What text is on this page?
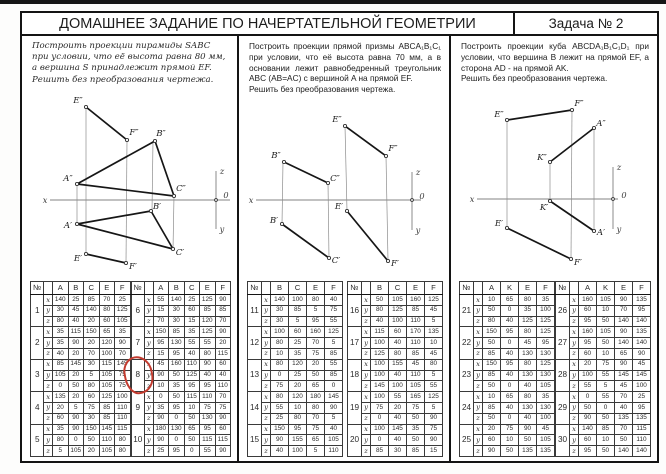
ДОМАШНЕЕ ЗАДАНИЕ ПО НАЧЕРТАТЕЛЬНОЙ ГЕОМЕТРИИ	Задача № 2
Построить проекции пирамиды SABC при условии, что её высота равна 80 мм, а вершина S принадлежит прямой EF.
Решить без преобразования чертежа.
№		A	B	C	E	F
1	x	140	25	85	70	25
	y	30	45	140	80	125
	z	80	40	20	60	105
2	x	35	115	150	65	35
	y	35	90	20	120	90
	z	40	20	70	100	70
3	x	85	145	30	115	145
	y	105	20	5	105	75
	z	0	50	80	105	75
4	x	135	20	60	125	100
	y	20	5	75	85	110
	z	60	90	30	85	110
5	x	35	90	150	145	115
	y	80	0	50	110	80
	z	5	105	20	105	80
№		A	B	C	E	F
6	x	55	140	25	125	90
	y	15	30	60	85	85
	z	70	30	15	120	70
7	x	150	85	35	125	90
	y	95	130	55	55	20
	z	15	95	40	80	115
8	x	45	160	110	90	60
	y	90	50	125	40	40
	z	10	35	95	95	110
9	x	0	50	115	110	70
	y	35	95	10	75	75
	z	90	0	50	130	90
10	x	180	130	65	95	60
	y	90	0	50	115	115
	z	25	95	0	55	90
Построить проекции прямой призмы ABCA₁B₁C₁ при условии, что её высота равна 70 мм, а в основании лежит равнобедренный треугольник ABC (AB=AC) с вершиной A на прямой EF.
Решить без преобразования чертежа.
№		B	C	E	F
11	x	140	100	80	40
	y	30	85	5	75
	z	30	5	95	55
12	x	100	60	160	125
	y	80	25	70	5
	z	10	35	75	85
13	x	80	120	20	55
	y	0	25	50	85
	z	75	20	65	0
14	x	80	120	180	145
	y	55	10	80	90
	z	25	80	70	5
15	x	150	95	75	40
	y	90	155	65	105
	z	40	100	5	110
№		B	C	E	F
16	x	50	105	160	125
	y	80	125	85	45
	z	40	100	110	5
17	x	115	60	170	135
	y	100	40	110	10
	z	125	80	85	45
18	x	100	155	45	80
	y	100	40	110	5
	z	145	100	105	55
19	x	100	55	165	125
	y	75	20	75	5
	z	0	40	50	90
20	x	100	145	35	75
	y	0	40	50	90
	z	85	30	85	15
Построить проекции куба ABCDA₁B₁C₁D₁ при условии, что вершина B лежит на прямой EF, а сторона AD - на прямой AK.
Решить без преобразования чертежа.
№		A	K	E	F
21	x	10	65	80	35
	y	50	0	35	100
	z	80	40	125	125
22	x	150	95	80	125
	y	50	0	45	95
	z	85	40	130	130
23	x	150	95	80	125
	y	85	40	130	130
	z	50	0	40	105
24	x	10	65	80	35
	y	85	40	130	130
	z	50	0	40	100
25	x	20	75	90	45
	y	60	10	50	105
	z	90	50	135	135
№		A	K	E	F
26	x	160	105	90	135
	y	60	10	70	95
	z	95	50	140	140
27	x	160	105	90	135
	y	95	50	140	140
	z	60	10	65	90
28	x	20	75	90	45
	y	100	55	145	145
	z	55	5	45	100
29	x	0	55	70	25
	y	50	0	40	95
	z	90	50	135	135
30	x	140	85	70	115
	y	60	10	50	110
	z	95	50	140	140
x
z
0
y
E″
F″ B″
A″
C″
B′
A′
C′
E′
F′
x
z
0
y
E″
F″
B″
C″
E′
B′
C′	F′
x
z
0
y
F″
E″
A″
K″
K′
E′
A′
F′
